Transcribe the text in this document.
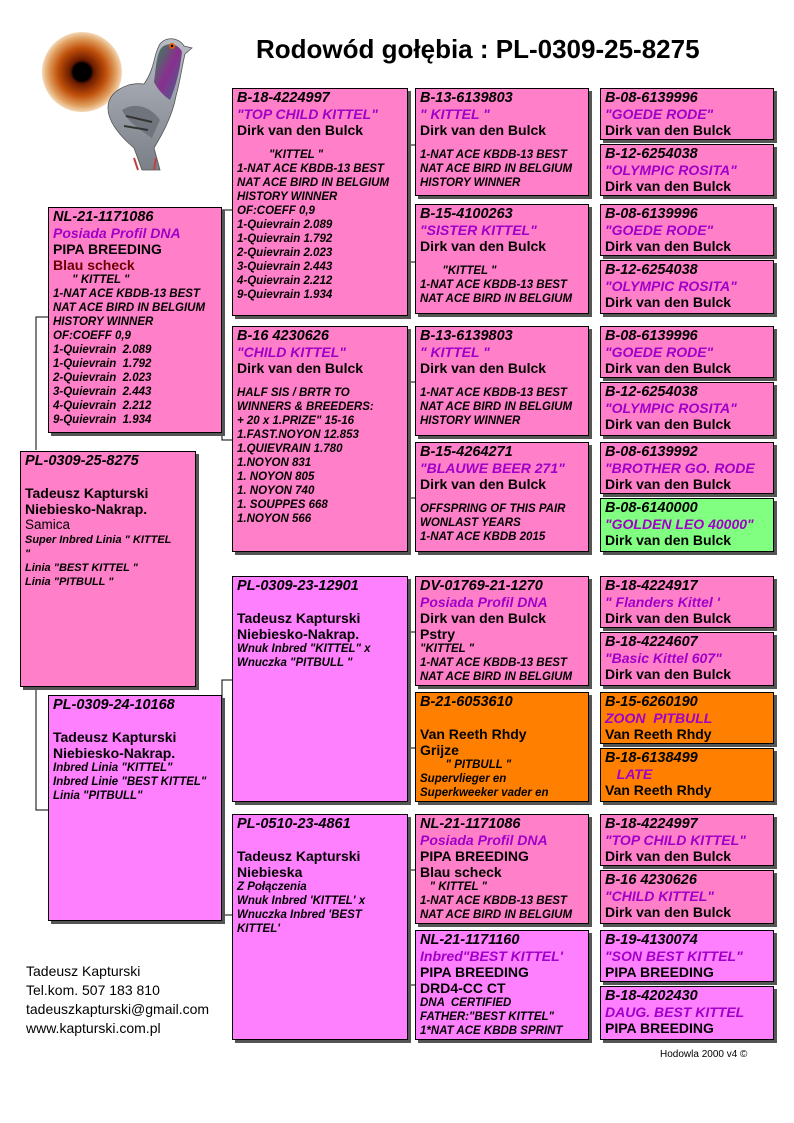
Rodowód gołębia : PL-0309-25-8275
PL-0309-25-8275
Tadeusz Kapturski
Niebiesko-Nakrap.
Samica
Super Inbred Linia " KITTEL
"
Linia "BEST KITTEL "
Linia "PITBULL "
NL-21-1171086
Posiada Profil DNA
PIPA BREEDING
Blau scheck
" KITTEL "
1-NAT ACE KBDB-13 BEST
NAT ACE BIRD IN BELGIUM
HISTORY WINNER
OF:COEFF 0,9
1-Quievrain  2.089
1-Quievrain  1.792
2-Quievrain  2.023
3-Quievrain  2.443
4-Quievrain  2.212
9-Quievrain  1.934
PL-0309-24-10168
Tadeusz Kapturski
Niebiesko-Nakrap.
Inbred Linia "KITTEL"
Inbred Linie "BEST KITTEL"
Linia "PITBULL"
B-18-4224997
"TOP CHILD KITTEL"
Dirk van den Bulck
"KITTEL "
1-NAT ACE KBDB-13 BEST
NAT ACE BIRD IN BELGIUM
HISTORY WINNER
OF:COEFF 0,9
1-Quievrain 2.089
1-Quievrain 1.792
2-Quievrain 2.023
3-Quievrain 2.443
4-Quievrain 2.212
9-Quievrain 1.934
B-16 4230626
"CHILD KITTEL"
Dirk van den Bulck
HALF SIS / BRTR TO
WINNERS & BREEDERS:
+ 20 x 1.PRIZE" 15-16
1.FAST.NOYON 12.853
1.QUIEVRAIN 1.780
1.NOYON 831
1. NOYON 805
1. NOYON 740
1. SOUPPES 668
1.NOYON 566
PL-0309-23-12901
Tadeusz Kapturski
Niebiesko-Nakrap.
Wnuk Inbred "KITTEL" x
Wnuczka "PITBULL "
PL-0510-23-4861
Tadeusz Kapturski
Niebieska
Z Połączenia
Wnuk Inbred 'KITTEL' x
Wnuczka Inbred 'BEST
KITTEL'
B-13-6139803
" KITTEL "
Dirk van den Bulck
1-NAT ACE KBDB-13 BEST
NAT ACE BIRD IN BELGIUM
HISTORY WINNER
B-15-4100263
"SISTER KITTEL"
Dirk van den Bulck
"KITTEL "
1-NAT ACE KBDB-13 BEST
NAT ACE BIRD IN BELGIUM
B-13-6139803
" KITTEL "
Dirk van den Bulck
1-NAT ACE KBDB-13 BEST
NAT ACE BIRD IN BELGIUM
HISTORY WINNER
B-15-4264271
"BLAUWE BEER 271"
Dirk van den Bulck
OFFSPRING OF THIS PAIR
WONLAST YEARS
1-NAT ACE KBDB 2015
DV-01769-21-1270
Posiada Profil DNA
Dirk van den Bulck
Pstry
"KITTEL "
1-NAT ACE KBDB-13 BEST
NAT ACE BIRD IN BELGIUM
B-21-6053610
Van Reeth Rhdy
Grijze
" PITBULL "
Supervlieger en
Superkweeker vader en
NL-21-1171086
Posiada Profil DNA
PIPA BREEDING
Blau scheck
" KITTEL "
1-NAT ACE KBDB-13 BEST
NAT ACE BIRD IN BELGIUM
NL-21-1171160
Inbred"BEST KITTEL'
PIPA BREEDING
DRD4-CC CT
DNA  CERTIFIED
FATHER:"BEST KITTEL"
1*NAT ACE KBDB SPRINT
B-08-6139996
"GOEDE RODE"
Dirk van den Bulck
B-12-6254038
"OLYMPIC ROSITA"
Dirk van den Bulck
B-08-6139996
"GOEDE RODE"
Dirk van den Bulck
B-12-6254038
"OLYMPIC ROSITA"
Dirk van den Bulck
B-08-6139996
"GOEDE RODE"
Dirk van den Bulck
B-12-6254038
"OLYMPIC ROSITA"
Dirk van den Bulck
B-08-6139992
"BROTHER GO. RODE
Dirk van den Bulck
B-08-6140000
"GOLDEN LEO 40000"
Dirk van den Bulck
B-18-4224917
" Flanders Kittel '
Dirk van den Bulck
B-18-4224607
"Basic Kittel 607"
Dirk van den Bulck
B-15-6260190
ZOON  PITBULL
Van Reeth Rhdy
B-18-6138499
LATE
Van Reeth Rhdy
B-18-4224997
"TOP CHILD KITTEL"
Dirk van den Bulck
B-16 4230626
"CHILD KITTEL"
Dirk van den Bulck
B-19-4130074
"SON BEST KITTEL"
PIPA BREEDING
B-18-4202430
DAUG. BEST KITTEL
PIPA BREEDING
Tadeusz Kapturski
Tel.kom. 507 183 810
tadeuszkapturski@gmail.com
www.kapturski.com.pl
Hodowla 2000 v4 ©
